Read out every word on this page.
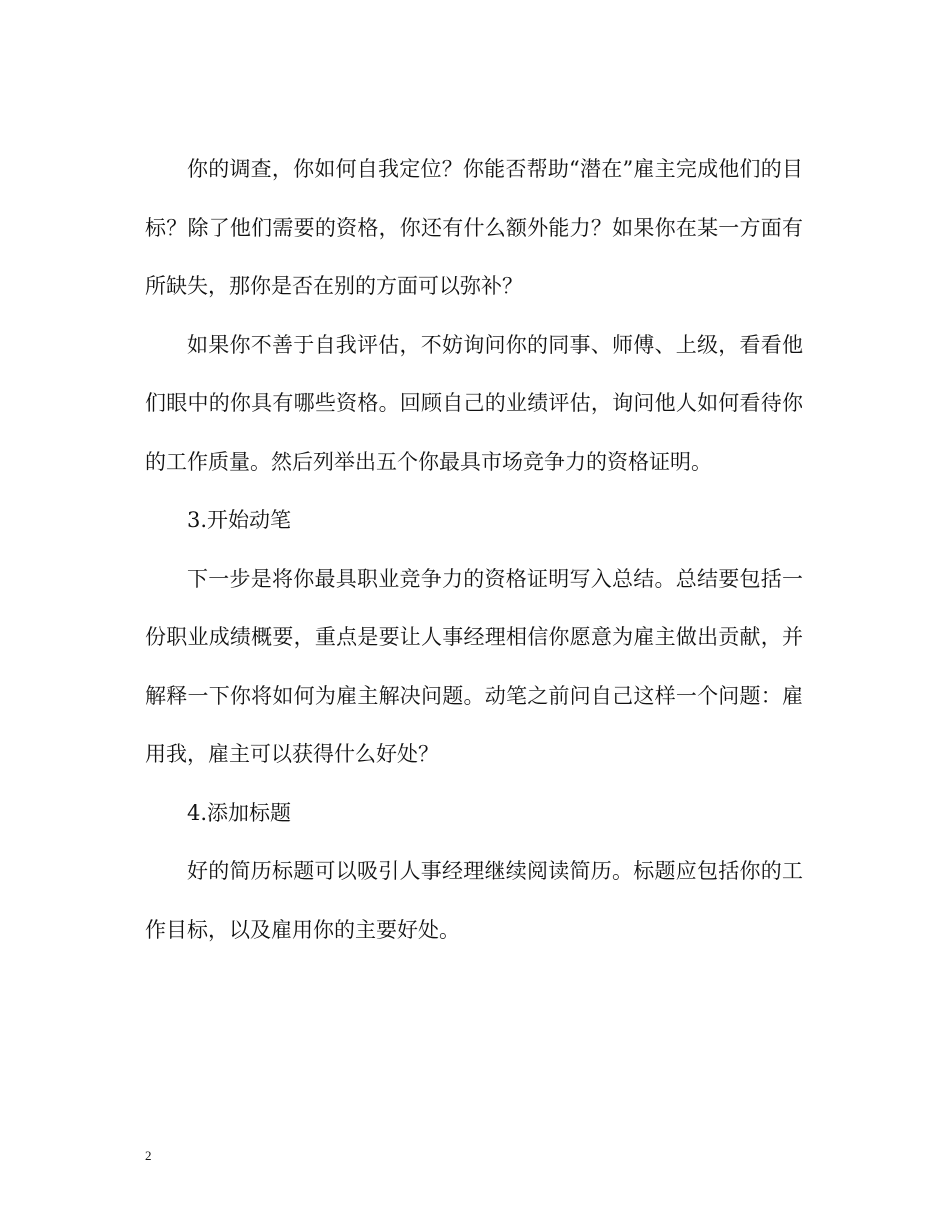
你的调查，你如何自我定位？你能否帮助“潜在”雇主完成他们的目标？除了他们需要的资格，你还有什么额外能力？如果你在某一方面有所缺失，那你是否在别的方面可以弥补？

如果你不善于自我评估，不妨询问你的同事、师傅、上级，看看他们眼中的你具有哪些资格。回顾自己的业绩评估，询问他人如何看待你的工作质量。然后列举出五个你最具市场竞争力的资格证明。

3.开始动笔

下一步是将你最具职业竞争力的资格证明写入总结。总结要包括一份职业成绩概要，重点是要让人事经理相信你愿意为雇主做出贡献，并解释一下你将如何为雇主解决问题。动笔之前问自己这样一个问题：雇用我，雇主可以获得什么好处？

4.添加标题

好的简历标题可以吸引人事经理继续阅读简历。标题应包括你的工作目标，以及雇用你的主要好处。

2
